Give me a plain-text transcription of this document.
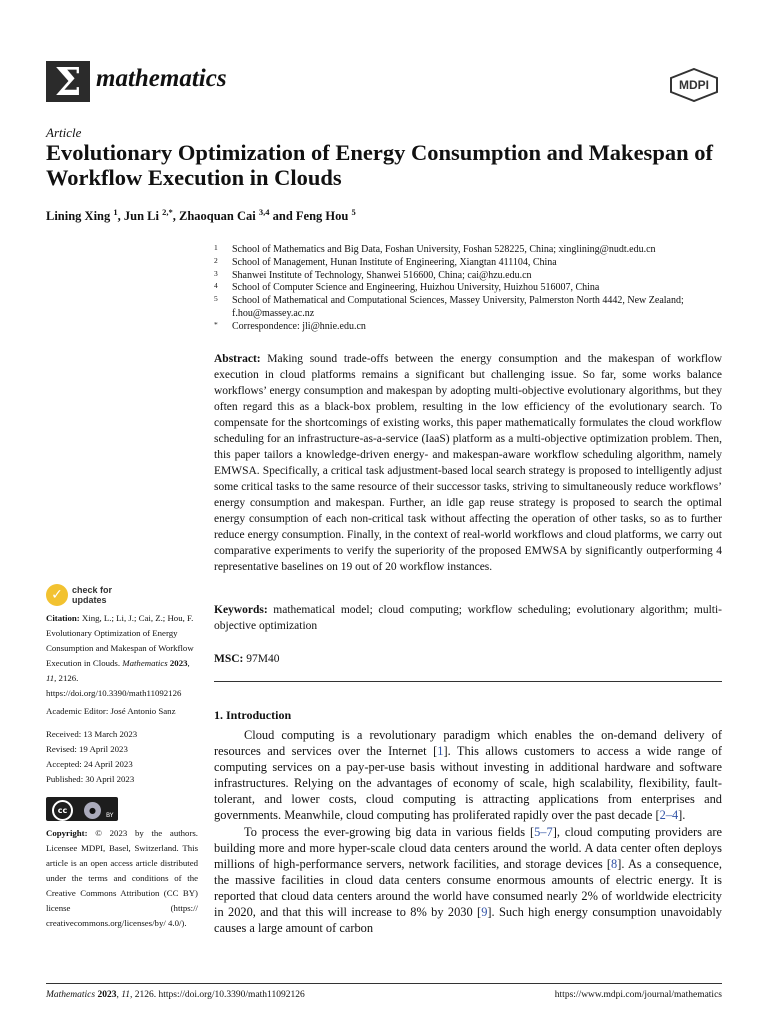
Σ mathematics	MDPI
Article
Evolutionary Optimization of Energy Consumption and Makespan of Workflow Execution in Clouds
Lining Xing $^1$, Jun Li $^{2,*}$, Zhaoquan Cai $^{3,4}$ and Feng Hou $^5$
1 School of Mathematics and Big Data, Foshan University, Foshan 528225, China; xinglining@nudt.edu.cn
2 School of Management, Hunan Institute of Engineering, Xiangtan 411104, China
3 Shanwei Institute of Technology, Shanwei 516600, China; cai@hzu.edu.cn
4 School of Computer Science and Engineering, Huizhou University, Huizhou 516007, China
5 School of Mathematical and Computational Sciences, Massey University, Palmerston North 4442, New Zealand; f.hou@massey.ac.nz
* Correspondence: jli@hnie.edu.cn
Abstract: Making sound trade-offs between the energy consumption and the makespan of workflow execution in cloud platforms remains a significant but challenging issue. So far, some works balance workflows’ energy consumption and makespan by adopting multi-objective evolutionary algorithms, but they often regard this as a black-box problem, resulting in the low efficiency of the evolutionary search. To compensate for the shortcomings of existing works, this paper mathematically formulates the cloud workflow scheduling for an infrastructure-as-a-service (IaaS) platform as a multi-objective optimization problem. Then, this paper tailors a knowledge-driven energy- and makespan-aware workflow scheduling algorithm, namely EMWSA. Specifically, a critical task adjustment-based local search strategy is proposed to intelligently adjust some critical tasks to the same resource of their successor tasks, striving to simultaneously reduce workflows’ energy consumption and makespan. Further, an idle gap reuse strategy is proposed to search the optimal energy consumption of each non-critical task without affecting the operation of other tasks, so as to further reduce energy consumption. Finally, in the context of real-world workflows and cloud platforms, we carry out comparative experiments to verify the superiority of the proposed EMWSA by significantly outperforming 4 representative baselines on 19 out of 20 workflow instances.
Keywords: mathematical model; cloud computing; workflow scheduling; evolutionary algorithm; multi-objective optimization
MSC: 97M40
1. Introduction

Cloud computing is a revolutionary paradigm which enables the on-demand delivery of resources and services over the Internet [1]. This allows customers to access a wide range of computing services on a pay-per-use basis without investing in additional hardware and software infrastructures. Relying on the advantages of economy of scale, high scalability, flexibility, fault-tolerant, and lower costs, cloud computing is attracting applications from enterprises and governments. Meanwhile, cloud computing has proliferated rapidly over the past decade [2–4].

To process the ever-growing big data in various fields [5–7], cloud computing providers are building more and more hyper-scale cloud data centers around the world. A data center often deploys millions of high-performance servers, network facilities, and storage devices [8]. As a consequence, the massive facilities in cloud data centers consume enormous amounts of electric energy. It is reported that cloud data centers around the world have consumed nearly 2% of worldwide electricity in 2020, and that this will increase to 8% by 2030 [9]. Such high energy consumption unavoidably causes a large amount of carbon

✓	check for
updates

Citation: Xing, L.; Li, J.; Cai, Z.; Hou, F. Evolutionary Optimization of Energy Consumption and Makespan of Workflow Execution in Clouds. Mathematics 2023, 11, 2126. https://doi.org/10.3390/math11092126

Academic Editor: José Antonio Sanz

Received: 13 March 2023

Revised: 19 April 2023

Accepted: 24 April 2023

Published: 30 April 2023

cc	●
BY
Copyright: © 2023 by the authors. Licensee MDPI, Basel, Switzerland. This article is an open access article distributed under the terms and conditions of the Creative Commons Attribution (CC BY) license (https:// creativecommons.org/licenses/by/ 4.0/).
Mathematics 2023, 11, 2126. https://doi.org/10.3390/math11092126	https://www.mdpi.com/journal/mathematics
